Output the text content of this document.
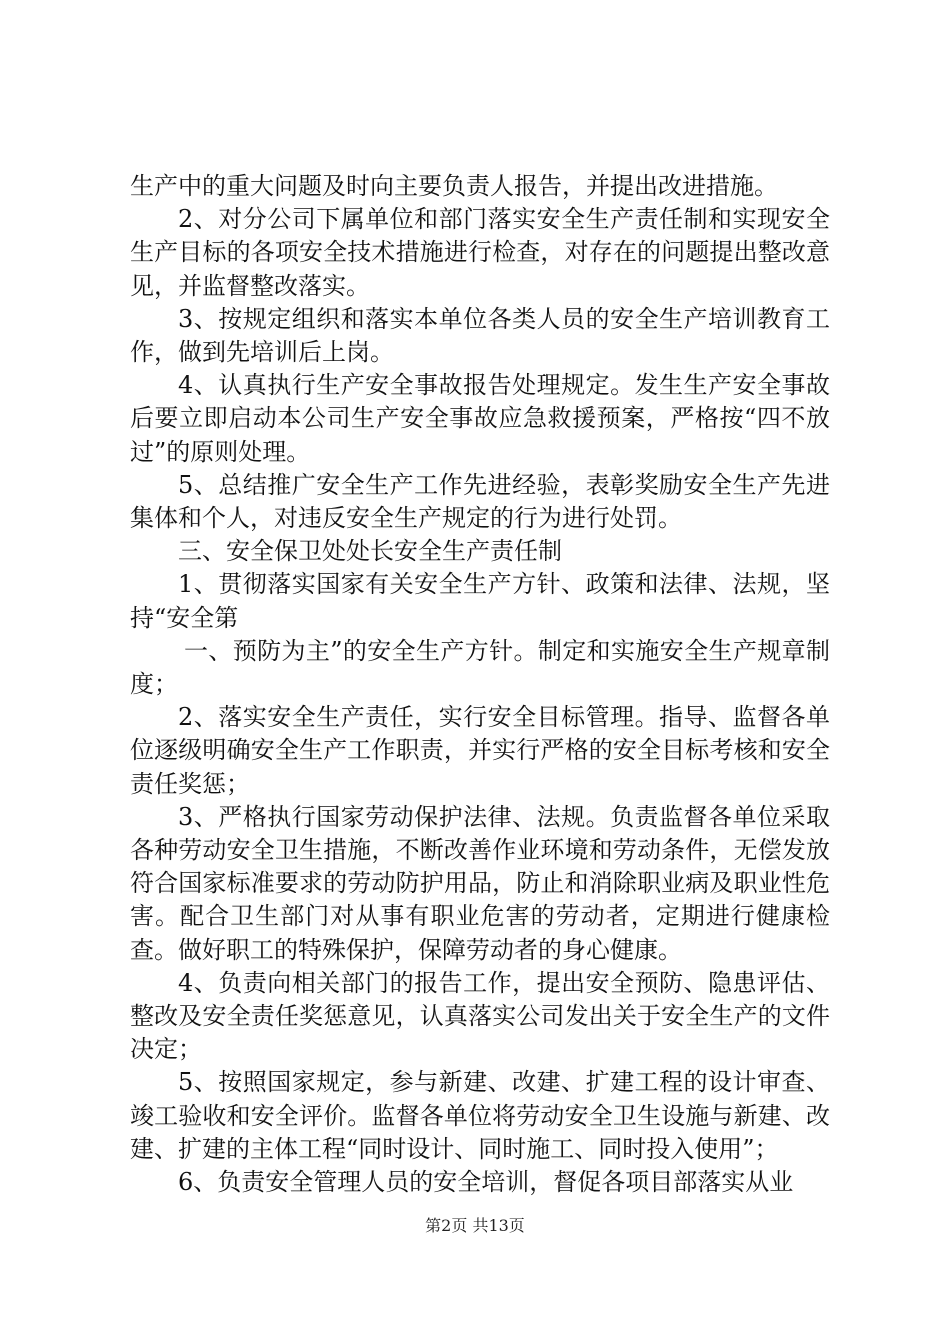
生产中的重大问题及时向主要负责人报告，并提出改进措施。

2、对分公司下属单位和部门落实安全生产责任制和实现安全生产目标的各项安全技术措施进行检查，对存在的问题提出整改意见，并监督整改落实。

3、按规定组织和落实本单位各类人员的安全生产培训教育工作，做到先培训后上岗。

4、认真执行生产安全事故报告处理规定。发生生产安全事故后要立即启动本公司生产安全事故应急救援预案，严格按“四不放过”的原则处理。

5、总结推广安全生产工作先进经验，表彰奖励安全生产先进集体和个人，对违反安全生产规定的行为进行处罚。

三、安全保卫处处长安全生产责任制

1、贯彻落实国家有关安全生产方针、政策和法律、法规，坚持“安全第

一、预防为主”的安全生产方针。制定和实施安全生产规章制度；

2、落实安全生产责任，实行安全目标管理。指导、监督各单位逐级明确安全生产工作职责，并实行严格的安全目标考核和安全责任奖惩；

3、严格执行国家劳动保护法律、法规。负责监督各单位采取各种劳动安全卫生措施，不断改善作业环境和劳动条件，无偿发放符合国家标准要求的劳动防护用品，防止和消除职业病及职业性危害。配合卫生部门对从事有职业危害的劳动者，定期进行健康检查。做好职工的特殊保护，保障劳动者的身心健康。

4、负责向相关部门的报告工作，提出安全预防、隐患评估、整改及安全责任奖惩意见，认真落实公司发出关于安全生产的文件决定；

5、按照国家规定，参与新建、改建、扩建工程的设计审查、竣工验收和安全评价。监督各单位将劳动安全卫生设施与新建、改建、扩建的主体工程“同时设计、同时施工、同时投入使用”；

6、负责安全管理人员的安全培训，督促各项目部落实从业

第2页 共13页
